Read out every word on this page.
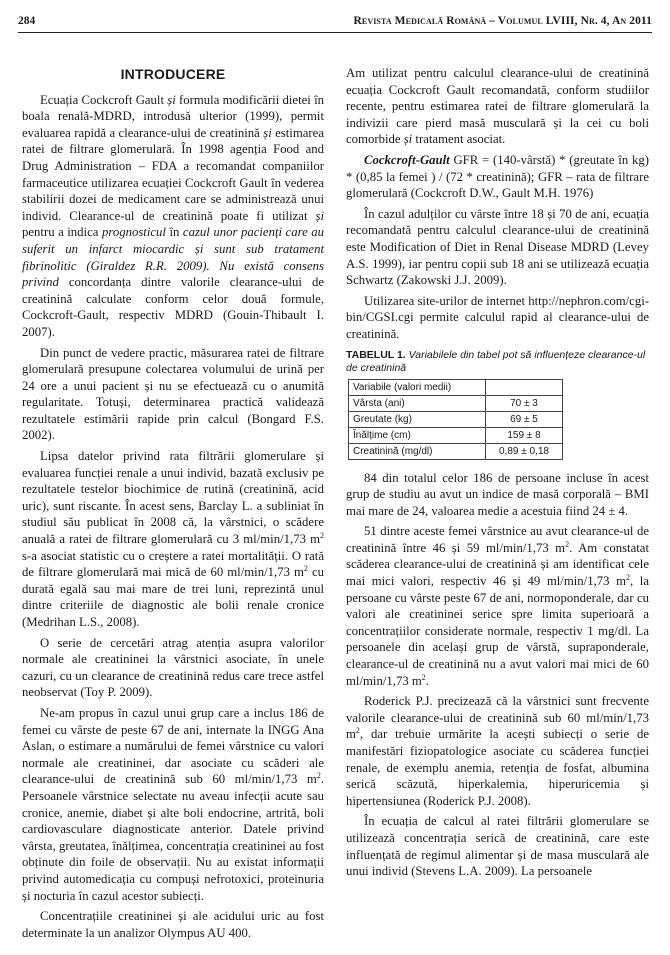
284	Revista Medicală Română – Volumul LVIII, Nr. 4, An 2011
INTRODUCERE

Ecuația Cockcroft Gault și formula modificării dietei în boala renală-MDRD, introdusă ulterior (1999), permit evaluarea rapidă a clearance-ului de creatinină și estimarea ratei de filtrare glomerulară. În 1998 agenția Food and Drug Administration – FDA a recomandat companiilor farmaceutice utilizarea ecuației Cockcroft Gault în vederea stabilirii dozei de medicament care se administrează unui individ. Clearance-ul de creatinină poate fi utilizat și pentru a indica prognosticul în cazul unor pacienți care au suferit un infarct miocardic și sunt sub tratament fibrinolitic (Giraldez R.R. 2009). Nu există consens privind concordanța dintre valorile clearance-ului de creatinină calculate conform celor două formule, Cockcroft-Gault, respectiv MDRD (Gouin-Thibault I. 2007).

Din punct de vedere practic, măsurarea ratei de filtrare glomerulară presupune colectarea volumului de urină per 24 ore a unui pacient și nu se efectuează cu o anumită regularitate. Totuși, determinarea practică validează rezultatele estimării rapide prin calcul (Bongard F.S. 2002).

Lipsa datelor privind rata filtrării glomerulare și evaluarea funcției renale a unui individ, bazată exclusiv pe rezultatele testelor biochimice de rutină (creatinină, acid uric), sunt riscante. În acest sens, Barclay L. a subliniat în studiul său publicat în 2008 că, la vârstnici, o scădere anuală a ratei de filtrare glomerulară cu 3 ml/min/1,73 $m^2$ s-a asociat statistic cu o creștere a ratei mortalității. O rată de filtrare glomerulară mai mică de 60 ml/min/1,73 $m^2$ cu durată egală sau mai mare de trei luni, reprezintă unul dintre criteriile de diagnostic ale bolii renale cronice (Medrihan L.S., 2008).

O serie de cercetări atrag atenția asupra valorilor normale ale creatininei la vârstnici asociate, în unele cazuri, cu un clearance de creatinină redus care trece astfel neobservat (Toy P. 2009).

Ne-am propus în cazul unui grup care a inclus 186 de femei cu vârste de peste 67 de ani, internate la INGG Ana Aslan, o estimare a numărului de femei vârstnice cu valori normale ale creatininei, dar asociate cu scăderi ale clearance-ului de creatinină sub 60 ml/min/1,73 $m^2$. Persoanele vârstnice selectate nu aveau infecții acute sau cronice, anemie, diabet și alte boli endocrine, artrită, boli cardiovasculare diagnosticate anterior. Datele privind vârsta, greutatea, înălțimea, concentrația creatininei au fost obținute din foile de observații. Nu au existat informații privind automedicația cu compuși nefrotoxici, proteinuria și nocturia în cazul acestor subiecți.

Concentrațiile creatininei și ale acidului uric au fost determinate la un analizor Olympus AU 400.

Am utilizat pentru calculul clearance-ului de creatinină ecuația Cockcroft Gault recomandată, conform studiilor recente, pentru estimarea ratei de filtrare glomerulară la indivizii care pierd masă musculară și la cei cu boli comorbide și tratament asociat.

Cockcroft-Gault GFR = (140-vârstă) * (greutate în kg) * (0,85 la femei ) / (72 * creatinină); GFR – rata de filtrare glomerulară (Cockcroft D.W., Gault M.H. 1976)

În cazul adulților cu vârste între 18 și 70 de ani, ecuația recomandată pentru calculul clearance-ului de creatinină este Modification of Diet in Renal Disease MDRD (Levey A.S. 1999), iar pentru copii sub 18 ani se utilizează ecuația Schwartz (Zakowski J.J. 2009).

Utilizarea site-urilor de internet http://nephron.com/cgi-bin/CGSI.cgi permite calculul rapid al clearance-ului de creatinină.

TABELUL 1. Variabilele din tabel pot să influențeze clearance-ul de creatinină
Variabile (valori medii)	
Vârsta (ani)	70 ± 3
Greutate (kg)	69 ± 5
Înălțime (cm)	159 ± 8
Creatinină (mg/dl)	0,89 ± 0,18

84 din totalul celor 186 de persoane incluse în acest grup de studiu au avut un indice de masă corporală – BMI mai mare de 24, valoarea medie a acestuia fiind 24 ± 4.

51 dintre aceste femei vârstnice au avut clearance-ul de creatinină între 46 și 59 ml/min/1,73 $m^2$. Am constatat scăderea clearance-ului de creatinină și am identificat cele mai mici valori, respectiv 46 și 49 ml/min/1,73 $m^2$, la persoane cu vârste peste 67 de ani, normoponderale, dar cu valori ale creatininei serice spre limita superioară a concentrațiilor considerate normale, respectiv 1 mg/dl. La persoanele din același grup de vârstă, supraponderale, clearance-ul de creatinină nu a avut valori mai mici de 60 ml/min/1,73 $m^2$.

Roderick P.J. precizează că la vârstnici sunt frecvente valorile clearance-ului de creatinină sub 60 ml/min/1,73 $m^2$, dar trebuie urmărite la acești subiecți o serie de manifestări fiziopatologice asociate cu scăderea funcției renale, de exemplu anemia, retenția de fosfat, albumina serică scăzută, hiperkalemia, hiperuricemia și hipertensiunea (Roderick P.J. 2008).

În ecuația de calcul al ratei filtrării glomerulare se utilizează concentrația serică de creatinină, care este influențată de regimul alimentar și de masa musculară ale unui individ (Stevens L.A. 2009). La persoanele
